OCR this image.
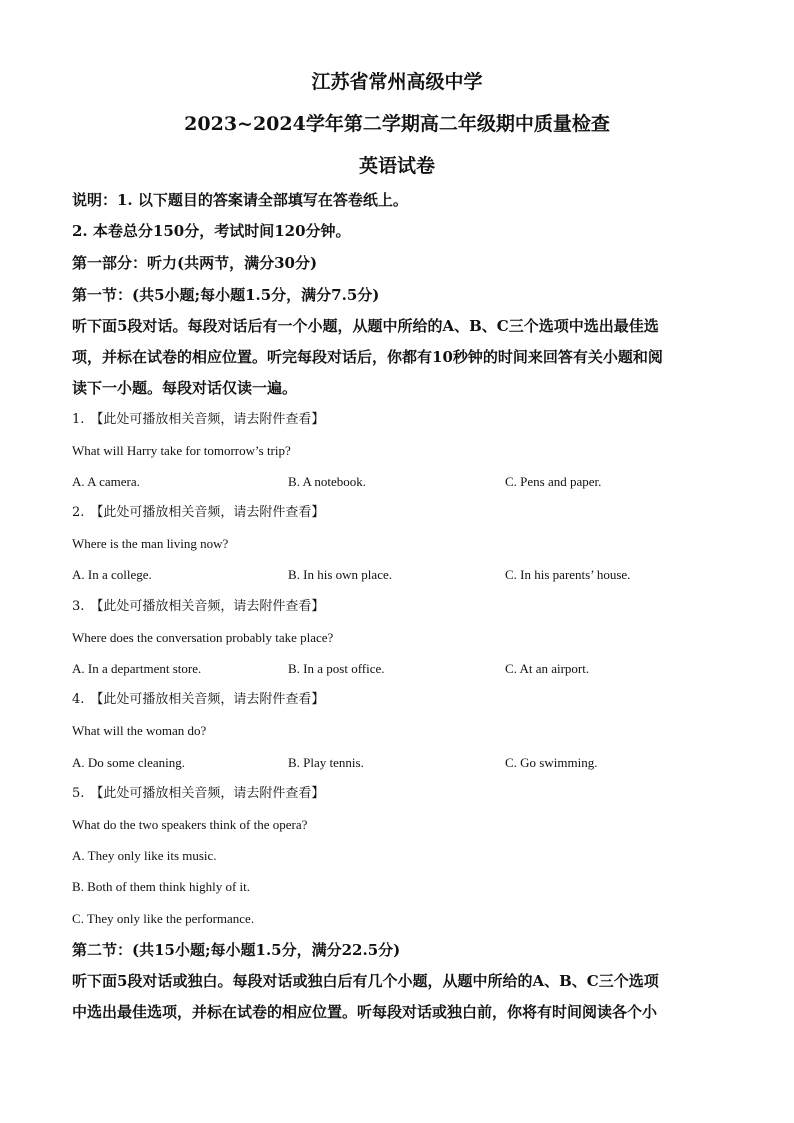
江苏省常州高级中学
2023~2024学年第二学期高二年级期中质量检查
英语试卷
说明：1. 以下题目的答案请全部填写在答卷纸上。
2. 本卷总分150分，考试时间120分钟。
第一部分：听力(共两节，满分30分)
第一节：(共5小题;每小题1.5分，满分7.5分)
听下面5段对话。每段对话后有一个小题，从题中所给的A、B、C三个选项中选出最佳选
项，并标在试卷的相应位置。听完每段对话后，你都有10秒钟的时间来回答有关小题和阅
读下一小题。每段对话仅读一遍。
1. 【此处可播放相关音频，请去附件查看】
What will Harry take for tomorrow’s trip?
A. A camera.	B. A notebook.	C. Pens and paper.
2. 【此处可播放相关音频，请去附件查看】
Where is the man living now?
A. In a college.	B. In his own place.	C. In his parents’ house.
3. 【此处可播放相关音频，请去附件查看】
Where does the conversation probably take place?
A. In a department store.	B. In a post office.	C. At an airport.
4. 【此处可播放相关音频，请去附件查看】
What will the woman do?
A. Do some cleaning.	B. Play tennis.	C. Go swimming.
5. 【此处可播放相关音频，请去附件查看】
What do the two speakers think of the opera?
A. They only like its music.
B. Both of them think highly of it.
C. They only like the performance.
第二节：(共15小题;每小题1.5分，满分22.5分)
听下面5段对话或独白。每段对话或独白后有几个小题，从题中所给的A、B、C三个选项
中选出最佳选项，并标在试卷的相应位置。听每段对话或独白前，你将有时间阅读各个小
